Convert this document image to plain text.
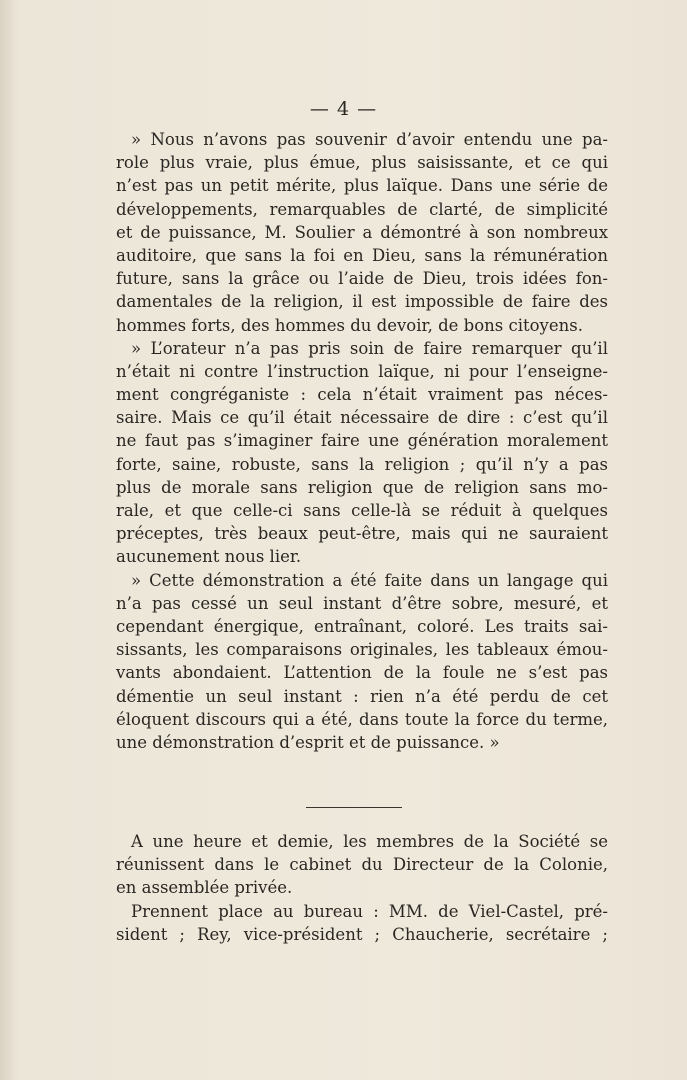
— 4 —
» Nous n’avons pas souvenir d’avoir entendu une pa-
role plus vraie, plus émue, plus saisissante, et ce qui
n’est pas un petit mérite, plus laïque. Dans une série de
développements, remarquables de clarté, de simplicité
et de puissance, M. Soulier a démontré à son nombreux
auditoire, que sans la foi en Dieu, sans la rémunération
future, sans la grâce ou l’aide de Dieu, trois idées fon-
damentales de la religion, il est impossible de faire des
hommes forts, des hommes du devoir, de bons citoyens.
» L’orateur n’a pas pris soin de faire remarquer qu’il
n’était ni contre l’instruction laïque, ni pour l’enseigne-
ment congréganiste : cela n’était vraiment pas néces-
saire. Mais ce qu’il était nécessaire de dire : c’est qu’il
ne faut pas s’imaginer faire une génération moralement
forte, saine, robuste, sans la religion ; qu’il n’y a pas
plus de morale sans religion que de religion sans mo-
rale, et que celle-ci sans celle-là se réduit à quelques
préceptes, très beaux peut-être, mais qui ne sauraient
aucunement nous lier.
» Cette démonstration a été faite dans un langage qui
n’a pas cessé un seul instant d’être sobre, mesuré, et
cependant énergique, entraînant, coloré. Les traits sai-
sissants, les comparaisons originales, les tableaux émou-
vants abondaient. L’attention de la foule ne s’est pas
démentie un seul instant : rien n’a été perdu de cet
éloquent discours qui a été, dans toute la force du terme,
une démonstration d’esprit et de puissance. »
A une heure et demie, les membres de la Société se
réunissent dans le cabinet du Directeur de la Colonie,
en assemblée privée.
Prennent place au bureau : MM. de Viel-Castel, pré-
sident ; Rey, vice-président ; Chaucherie, secrétaire ;
